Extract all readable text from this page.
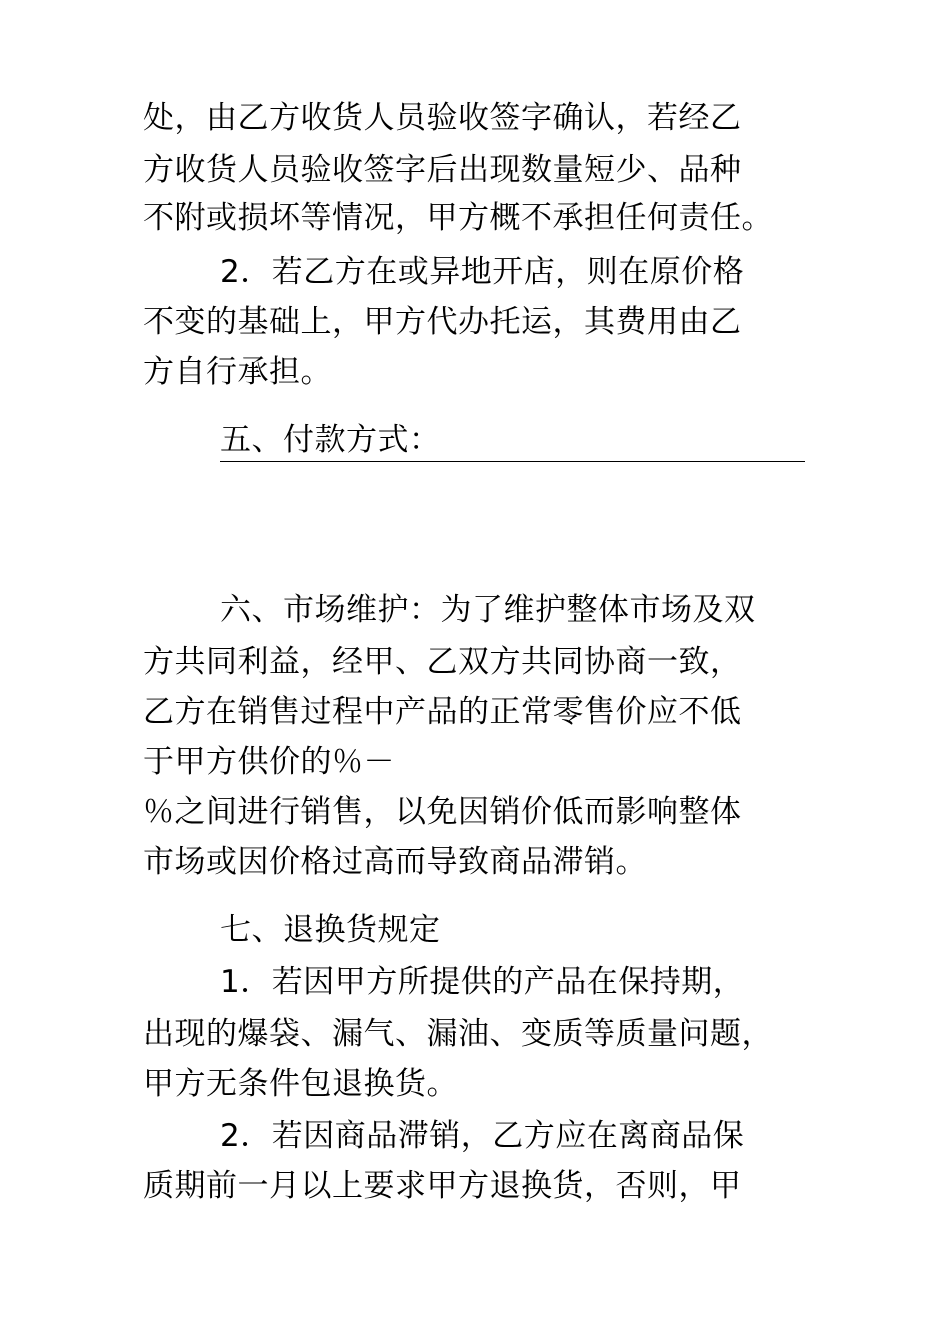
处，由乙方收货人员验收签字确认，若经乙
方收货人员验收签字后出现数量短少、品种
不附或损坏等情况，甲方概不承担任何责任。
2．若乙方在或异地开店，则在原价格
不变的基础上，甲方代办托运，其费用由乙
方自行承担。
五、付款方式：
六、市场维护：为了维护整体市场及双
方共同利益，经甲、乙双方共同协商一致，
乙方在销售过程中产品的正常零售价应不低
于甲方供价的％－
％之间进行销售，以免因销价低而影响整体
市场或因价格过高而导致商品滞销。
七、退换货规定
1．若因甲方所提供的产品在保持期，
出现的爆袋、漏气、漏油、变质等质量问题，
甲方无条件包退换货。
2．若因商品滞销，乙方应在离商品保
质期前一月以上要求甲方退换货，否则，甲
